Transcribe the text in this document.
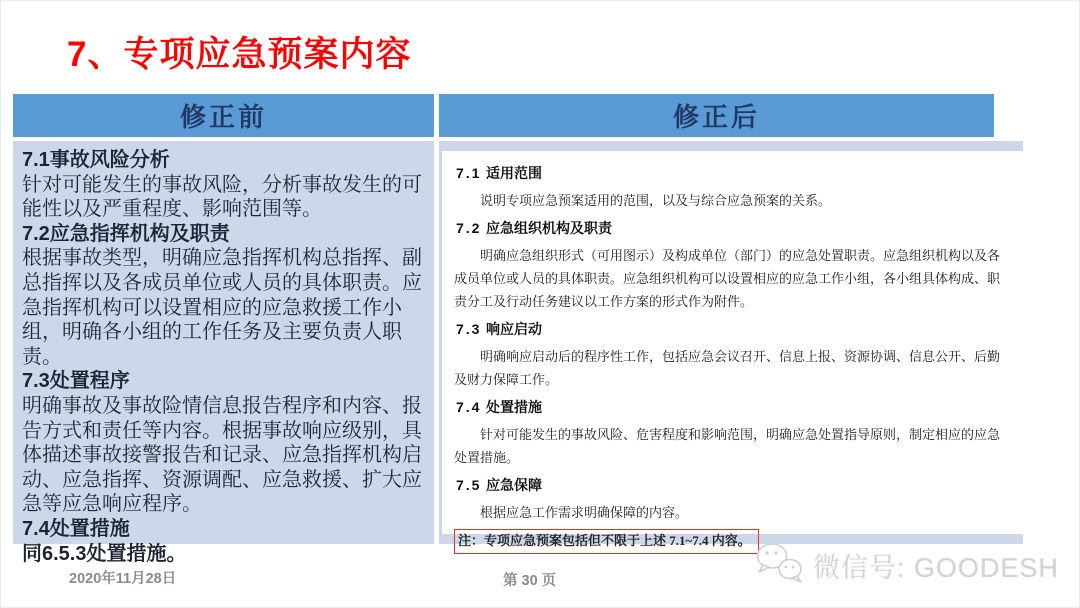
7、专项应急预案内容
修正前	修正后
7.1事故风险分析
针对可能发生的事故风险，分析事故发生的可能性以及严重程度、影响范围等。
7.2应急指挥机构及职责
根据事故类型，明确应急指挥机构总指挥、副总指挥以及各成员单位或人员的具体职责。应急指挥机构可以设置相应的应急救援工作小组，明确各小组的工作任务及主要负责人职责。
7.3处置程序
明确事故及事故险情信息报告程序和内容、报告方式和责任等内容。根据事故响应级别，具体描述事故接警报告和记录、应急指挥机构启动、应急指挥、资源调配、应急救援、扩大应急等应急响应程序。
7.4处置措施
同6.5.3处置措施。
7.1 适用范围

说明专项应急预案适用的范围，以及与综合应急预案的关系。

7.2 应急组织机构及职责

明确应急组织形式（可用图示）及构成单位（部门）的应急处置职责。应急组织机构以及各成员单位或人员的具体职责。应急组织机构可以设置相应的应急工作小组，各小组具体构成、职责分工及行动任务建议以工作方案的形式作为附件。

7.3 响应启动

明确响应启动后的程序性工作，包括应急会议召开、信息上报、资源协调、信息公开、后勤及财力保障工作。

7.4 处置措施

针对可能发生的事故风险、危害程度和影响范围，明确应急处置指导原则，制定相应的应急处置措施。

7.5 应急保障

根据应急工作需求明确保障的内容。

注：专项应急预案包括但不限于上述 7.1~7.4 内容。
2020年11月28日	第 30 页	微信号: GOODESH
